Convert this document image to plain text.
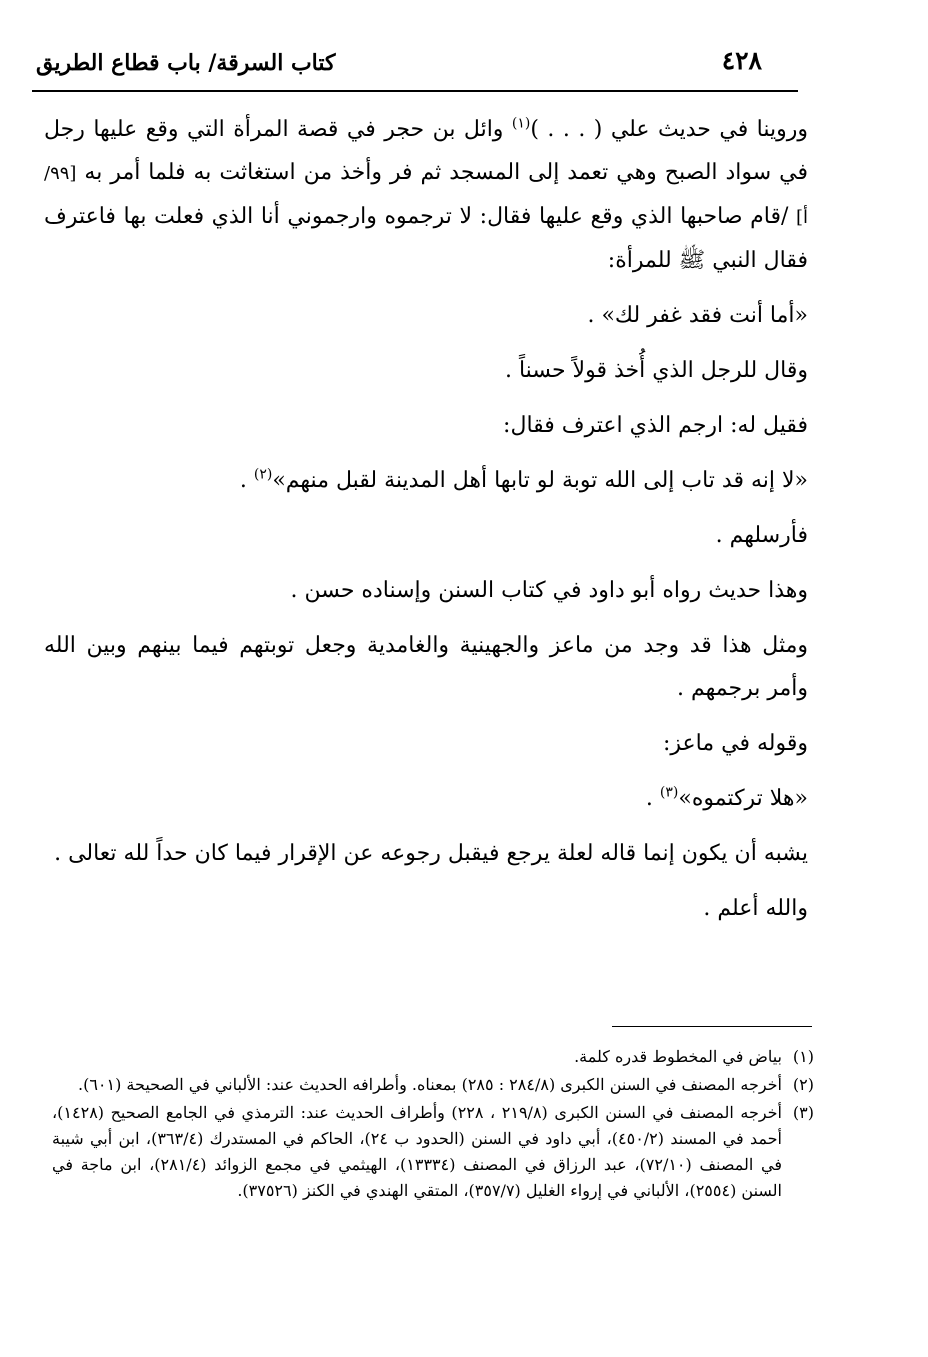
٤٢٨
كتاب السرقة/ باب قطاع الطريق

وروينا في حديث علي ( . . . )$^{(١)}$ وائل بن حجر في قصة المرأة التي وقع عليها رجل في سواد الصبح وهي تعمد إلى المسجد ثم فر وأخذ من استغاثت به فلما أمر به [٩٩/ أ] /قام صاحبها الذي وقع عليها فقال: لا ترجموه وارجموني أنا الذي فعلت بها فاعترف فقال النبي ﷺ للمرأة:

«أما أنت فقد غفر لك» .

وقال للرجل الذي أُخذ قولاً حسناً .

فقيل له: ارجم الذي اعترف فقال:

«لا إنه قد تاب إلى الله توبة لو تابها أهل المدينة لقبل منهم»$^{(٢)}$ .

فأرسلهم .

وهذا حديث رواه أبو داود في كتاب السنن وإسناده حسن .

ومثل هذا قد وجد من ماعز والجهينية والغامدية وجعل توبتهم فيما بينهم وبين الله وأمر برجمهم .

وقوله في ماعز:

«هلا تركتموه»$^{(٣)}$ .

يشبه أن يكون إنما قاله لعلة يرجع فيقبل رجوعه عن الإقرار فيما كان حداً لله تعالى .

والله أعلم .

(١)
بياض في المخطوط قدره كلمة.
(٢)
أخرجه المصنف في السنن الكبرى (٢٨٤/٨ : ٢٨٥) بمعناه. وأطرافه الحديث عند: الألباني في الصحيحة (٦٠١).
(٣)
أخرجه المصنف في السنن الكبرى (٢١٩/٨ ، ٢٢٨) وأطراف الحديث عند: الترمذي في الجامع الصحيح (١٤٢٨)، أحمد في المسند (٤٥٠/٢)، أبي داود في السنن (الحدود ب ٢٤)، الحاكم في المستدرك (٣٦٣/٤)، ابن أبي شيبة في المصنف (٧٢/١٠)، عبد الرزاق في المصنف (١٣٣٣٤)، الهيثمي في مجمع الزوائد (٢٨١/٤)، ابن ماجة في السنن (٢٥٥٤)، الألباني في إرواء الغليل (٣٥٧/٧)، المتقي الهندي في الكنز (٣٧٥٢٦).
